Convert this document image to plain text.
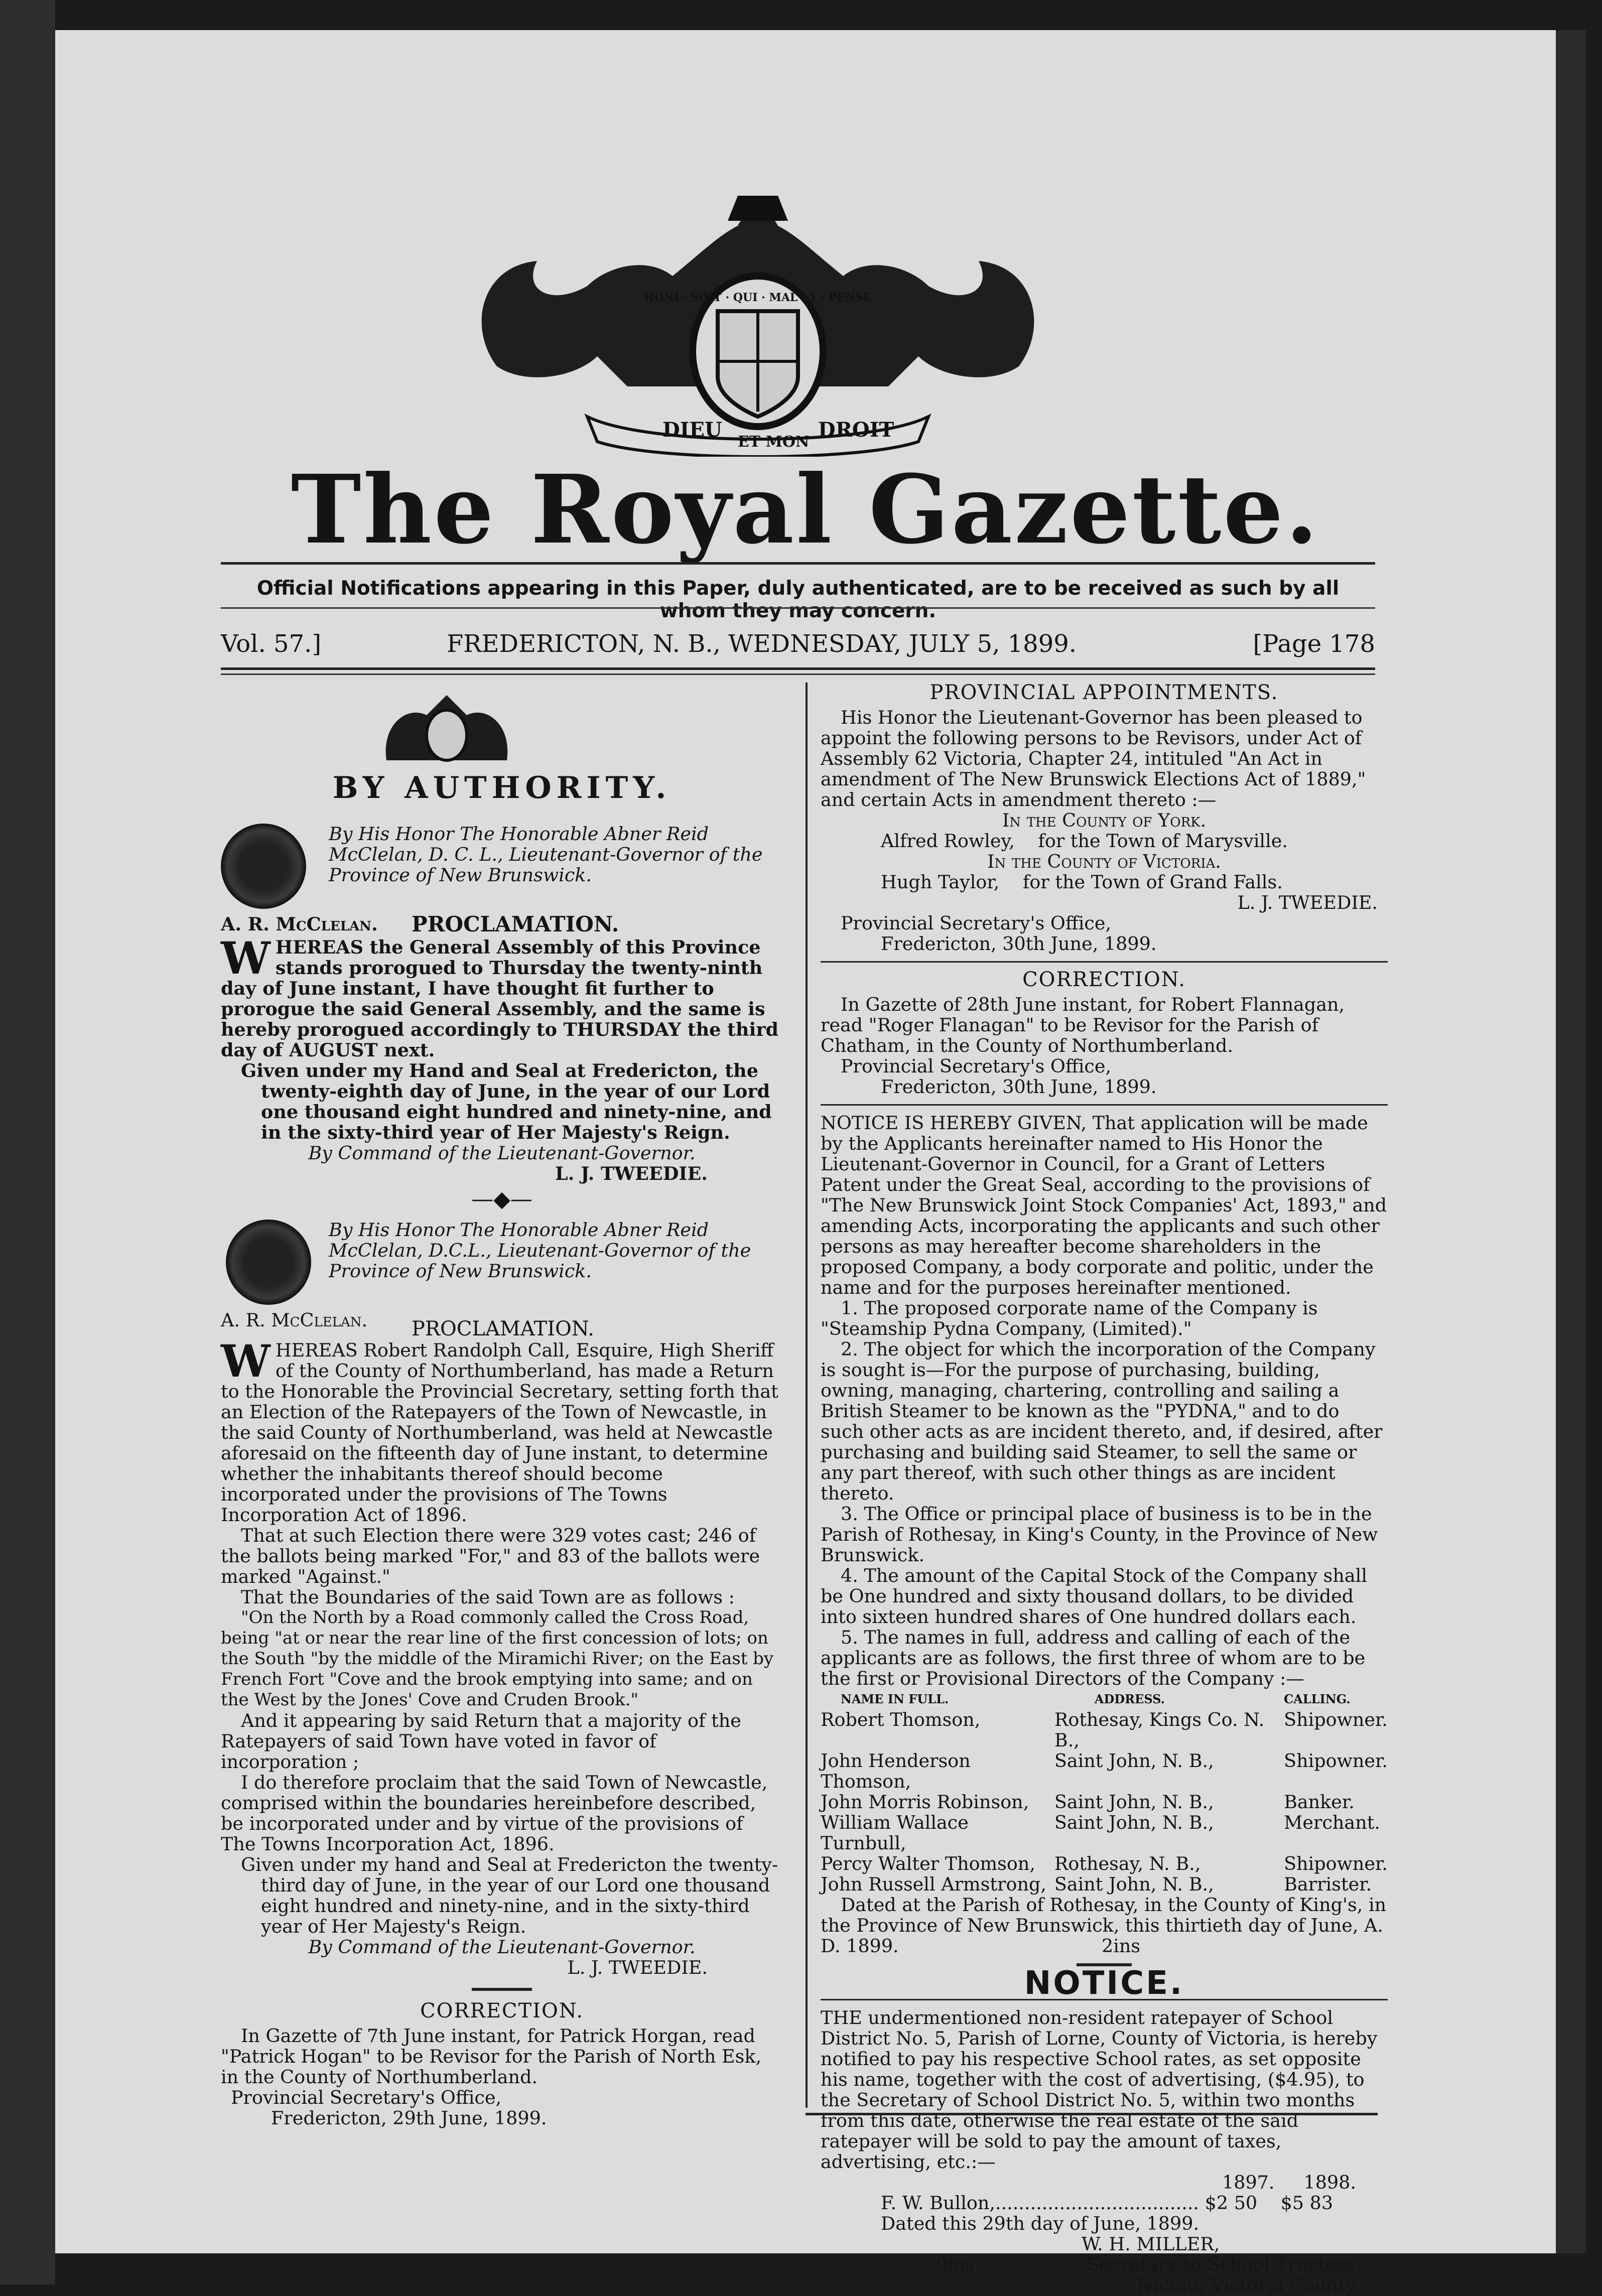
DIEU
ET MON
DROIT
HONI · SOIT · QUI · MAL · Y · PENSE
The Royal Gazette.
Official Notifications appearing in this Paper, duly authenticated, are to be received as such by all whom they may concern.
Vol. 57.]	FREDERICTON, N. B., WEDNESDAY, JULY 5, 1899.	[Page 178
BY AUTHORITY.

By His Honor The Honorable Abner Reid McClelan, D. C. L., Lieutenant-Governor of the Province of New Brunswick.

A. R. McClelan. PROCLAMATION.

WHEREAS the General Assembly of this Province stands prorogued to Thursday the twenty-ninth day of June instant, I have thought fit further to prorogue the said General Assembly, and the same is hereby prorogued accordingly to THURSDAY the third day of AUGUST next.

Given under my Hand and Seal at Fredericton, the twenty-eighth day of June, in the year of our Lord one thousand eight hundred and ninety-nine, and in the sixty-third year of Her Majesty's Reign.

By Command of the Lieutenant-Governor.

L. J. TWEEDIE.

—◆—

By His Honor The Honorable Abner Reid McClelan, D.C.L., Lieutenant-Governor of the Province of New Brunswick.

A. R. McClelan. PROCLAMATION.

WHEREAS Robert Randolph Call, Esquire, High Sheriff of the County of Northumberland, has made a Return to the Honorable the Provincial Secretary, setting forth that an Election of the Ratepayers of the Town of Newcastle, in the said County of Northumberland, was held at Newcastle aforesaid on the fifteenth day of June instant, to determine whether the inhabitants thereof should become incorporated under the provisions of The Towns Incorporation Act of 1896.

That at such Election there were 329 votes cast; 246 of the ballots being marked "For," and 83 of the ballots were marked "Against."

That the Boundaries of the said Town are as follows :

"On the North by a Road commonly called the Cross Road, being "at or near the rear line of the first concession of lots; on the South "by the middle of the Miramichi River; on the East by French Fort "Cove and the brook emptying into same; and on the West by the Jones' Cove and Cruden Brook."

And it appearing by said Return that a majority of the Ratepayers of said Town have voted in favor of incorporation ;

I do therefore proclaim that the said Town of Newcastle, comprised within the boundaries hereinbefore described, be incorporated under and by virtue of the provisions of The Towns Incorporation Act, 1896.

Given under my hand and Seal at Fredericton the twenty-third day of June, in the year of our Lord one thousand eight hundred and ninety-nine, and in the sixty-third year of Her Majesty's Reign.

By Command of the Lieutenant-Governor.

L. J. TWEEDIE.

CORRECTION.

In Gazette of 7th June instant, for Patrick Horgan, read "Patrick Hogan" to be Revisor for the Parish of North Esk, in the County of Northumberland.

Provincial Secretary's Office,

Fredericton, 29th June, 1899.

PROVINCIAL APPOINTMENTS.

His Honor the Lieutenant-Governor has been pleased to appoint the following persons to be Revisors, under Act of Assembly 62 Victoria, Chapter 24, intituled "An Act in amendment of The New Brunswick Elections Act of 1889," and certain Acts in amendment thereto :—

In the County of York.

Alfred Rowley, for the Town of Marysville.

In the County of Victoria.

Hugh Taylor, for the Town of Grand Falls.

L. J. TWEEDIE.

Provincial Secretary's Office,

Fredericton, 30th June, 1899.

CORRECTION.

In Gazette of 28th June instant, for Robert Flannagan, read "Roger Flanagan" to be Revisor for the Parish of Chatham, in the County of Northumberland.

Provincial Secretary's Office,

Fredericton, 30th June, 1899.

NOTICE IS HEREBY GIVEN, That application will be made by the Applicants hereinafter named to His Honor the Lieutenant-Governor in Council, for a Grant of Letters Patent under the Great Seal, according to the provisions of "The New Brunswick Joint Stock Companies' Act, 1893," and amending Acts, incorporating the applicants and such other persons as may hereafter become shareholders in the proposed Company, a body corporate and politic, under the name and for the purposes hereinafter mentioned.

1. The proposed corporate name of the Company is "Steamship Pydna Company, (Limited)."

2. The object for which the incorporation of the Company is sought is—For the purpose of purchasing, building, owning, managing, chartering, controlling and sailing a British Steamer to be known as the "PYDNA," and to do such other acts as are incident thereto, and, if desired, after purchasing and building said Steamer, to sell the same or any part thereof, with such other things as are incident thereto.

3. The Office or principal place of business is to be in the Parish of Rothesay, in King's County, in the Province of New Brunswick.

4. The amount of the Capital Stock of the Company shall be One hundred and sixty thousand dollars, to be divided into sixteen hundred shares of One hundred dollars each.

5. The names in full, address and calling of each of the applicants are as follows, the first three of whom are to be the first or Provisional Directors of the Company :—

NAME IN FULL.	ADDRESS.	CALLING.
Robert Thomson,	Rothesay, Kings Co. N. B.,	Shipowner.
John Henderson Thomson,	Saint John, N. B.,	Shipowner.
John Morris Robinson,	Saint John, N. B.,	Banker.
William Wallace Turnbull,	Saint John, N. B.,	Merchant.
Percy Walter Thomson,	Rothesay, N. B.,	Shipowner.
John Russell Armstrong,	Saint John, N. B.,	Barrister.

Dated at the Parish of Rothesay, in the County of King's, in the Province of New Brunswick, this thirtieth day of June, A. D. 1899.	2ins

NOTICE.

THE undermentioned non-resident ratepayer of School District No. 5, Parish of Lorne, County of Victoria, is hereby notified to pay his respective School rates, as set opposite his name, together with the cost of advertising, ($4.95), to the Secretary of School District No. 5, within two months from this date, otherwise the real estate of the said ratepayer will be sold to pay the amount of taxes, advertising, etc.:—

1897. 1898.

F. W. Bullon,................................... $2 50 $5 83

Dated this 29th day of June, 1899.

W. H. MILLER,

9ins	Secretary to School Trustees,

Nictau, Victoria County.
